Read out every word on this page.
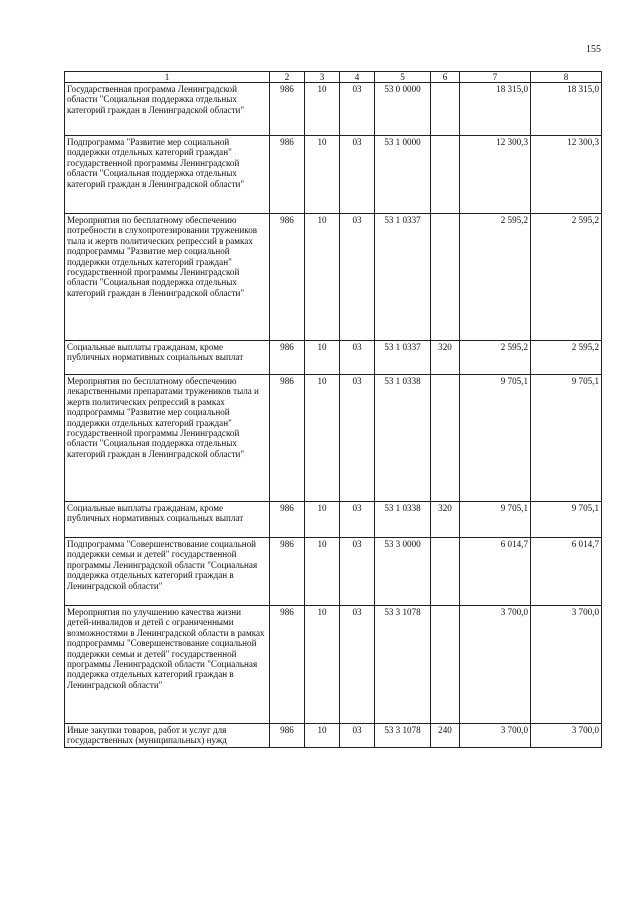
155
1	2	3	4	5	6	7	8
Государственная программа Ленинградской области "Социальная поддержка отдельных категорий граждан в Ленинградской области"	986	10	03	53 0 0000		18 315,0	18 315,0
Подпрограмма "Развитие мер социальной поддержки отдельных категорий граждан" государственной программы Ленинградской области "Социальная поддержка отдельных категорий граждан в Ленинградской области"	986	10	03	53 1 0000		12 300,3	12 300,3
Мероприятия по бесплатному обеспечению потребности в слухопротезировании тружеников тыла и жертв политических репрессий в рамках подпрограммы "Развитие мер социальной поддержки отдельных категорий граждан" государственной программы Ленинградской области "Социальная поддержка отдельных категорий граждан в Ленинградской области"	986	10	03	53 1 0337		2 595,2	2 595,2
Социальные выплаты гражданам, кроме публичных нормативных социальных выплат	986	10	03	53 1 0337	320	2 595,2	2 595,2
Мероприятия по бесплатному обеспечению лекарственными препаратами тружеников тыла и жертв политических репрессий в рамках подпрограммы "Развитие мер социальной поддержки отдельных категорий граждан" государственной программы Ленинградской области "Социальная поддержка отдельных категорий граждан в Ленинградской области"	986	10	03	53 1 0338		9 705,1	9 705,1
Социальные выплаты гражданам, кроме публичных нормативных социальных выплат	986	10	03	53 1 0338	320	9 705,1	9 705,1
Подпрограмма "Совершенствование социальной поддержки семьи и детей" государственной программы Ленинградской области "Социальная поддержка отдельных категорий граждан в Ленинградской области"	986	10	03	53 3 0000		6 014,7	6 014,7
Мероприятия по улучшению качества жизни детей-инвалидов и детей с ограниченными возможностями в Ленинградской области в рамках подпрограммы "Совершенствование социальной поддержки семьи и детей" государственной программы Ленинградской области "Социальная поддержка отдельных категорий граждан в Ленинградской области"	986	10	03	53 3 1078		3 700,0	3 700,0
Иные закупки товаров, работ и услуг для государственных (муниципальных) нужд	986	10	03	53 3 1078	240	3 700,0	3 700,0
